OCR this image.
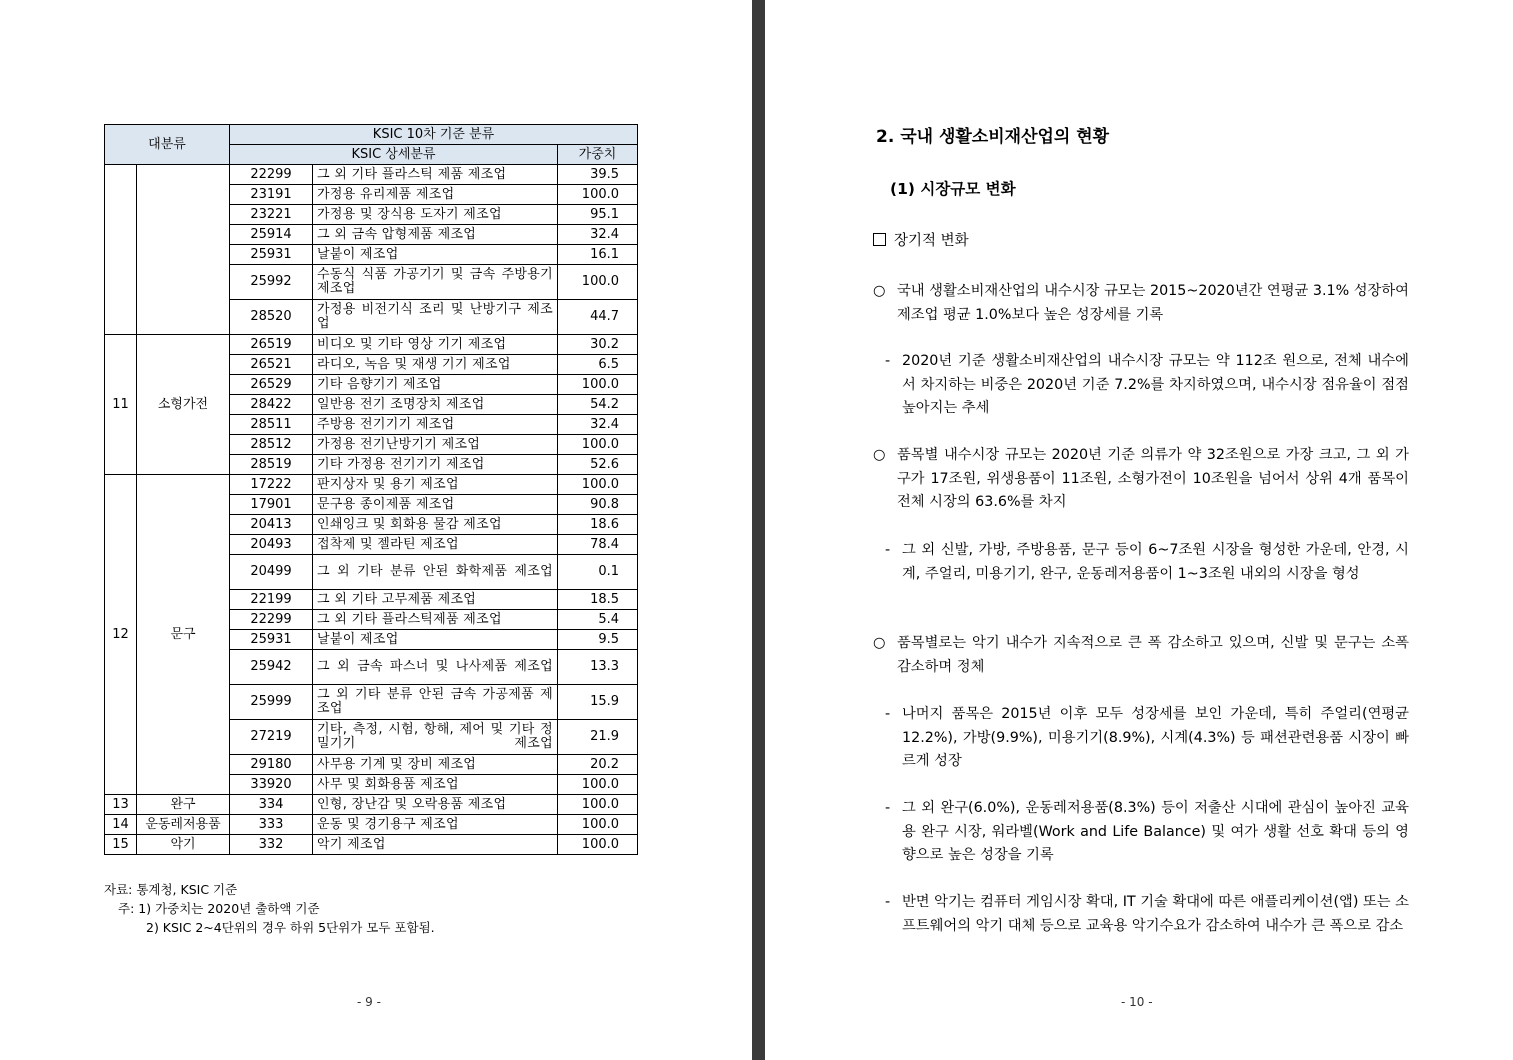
대분류		KSIC 10차 기준 분류		
		KSIC 상세분류		가중치
		22299	그 외 기타 플라스틱 제품 제조업	39.5
		23191	가정용 유리제품 제조업	100.0
		23221	가정용 및 장식용 도자기 제조업	95.1
		25914	그 외 금속 압형제품 제조업	32.4
		25931	날붙이 제조업	16.1
		25992	수동식 식품 가공기기 및 금속 주방용기 제조업	100.0
		28520	가정용 비전기식 조리 및 난방기구 제조업	44.7
11	소형가전	26519	비디오 및 기타 영상 기기 제조업	30.2
		26521	라디오, 녹음 및 재생 기기 제조업	6.5
		26529	기타 음향기기 제조업	100.0
		28422	일반용 전기 조명장치 제조업	54.2
		28511	주방용 전기기기 제조업	32.4
		28512	가정용 전기난방기기 제조업	100.0
		28519	기타 가정용 전기기기 제조업	52.6
12	문구	17222	판지상자 및 용기 제조업	100.0
		17901	문구용 종이제품 제조업	90.8
		20413	인쇄잉크 및 회화용 물감 제조업	18.6
		20493	접착제 및 젤라틴 제조업	78.4
		20499	그 외 기타 분류 안된 화학제품 제조업	0.1
		22199	그 외 기타 고무제품 제조업	18.5
		22299	그 외 기타 플라스틱제품 제조업	5.4
		25931	날붙이 제조업	9.5
		25942	그 외 금속 파스너 및 나사제품 제조업	13.3
		25999	그 외 기타 분류 안된 금속 가공제품 제조업	15.9
		27219	기타, 측정, 시험, 항해, 제어 및 기타 정밀기기 제조업	21.9
		29180	사무용 기계 및 장비 제조업	20.2
		33920	사무 및 회화용품 제조업	100.0
13	완구	334	인형, 장난감 및 오락용품 제조업	100.0
14	운동레저용품	333	운동 및 경기용구 제조업	100.0
15	악기	332	악기 제조업	100.0
자료: 통계청, KSIC 기준
주: 1) 가중치는 2020년 출하액 기준
2) KSIC 2~4단위의 경우 하위 5단위가 모두 포함됨.
- 9 -
2. 국내 생활소비재산업의 현황
(1) 시장규모 변화
장기적 변화
○ 국내 생활소비재산업의 내수시장 규모는 2015~2020년간 연평균 3.1% 성장하여 제조업 평균 1.0%보다 높은 성장세를 기록
- 2020년 기준 생활소비재산업의 내수시장 규모는 약 112조 원으로, 전체 내수에서 차지하는 비중은 2020년 기준 7.2%를 차지하였으며, 내수시장 점유율이 점점 높아지는 추세
○ 품목별 내수시장 규모는 2020년 기준 의류가 약 32조원으로 가장 크고, 그 외 가구가 17조원, 위생용품이 11조원, 소형가전이 10조원을 넘어서 상위 4개 품목이 전체 시장의 63.6%를 차지
- 그 외 신발, 가방, 주방용품, 문구 등이 6~7조원 시장을 형성한 가운데, 안경, 시계, 주얼리, 미용기기, 완구, 운동레저용품이 1~3조원 내외의 시장을 형성
○ 품목별로는 악기 내수가 지속적으로 큰 폭 감소하고 있으며, 신발 및 문구는 소폭 감소하며 정체
- 나머지 품목은 2015년 이후 모두 성장세를 보인 가운데, 특히 주얼리(연평균 12.2%), 가방(9.9%), 미용기기(8.9%), 시계(4.3%) 등 패션관련용품 시장이 빠르게 성장
- 그 외 완구(6.0%), 운동레저용품(8.3%) 등이 저출산 시대에 관심이 높아진 교육용 완구 시장, 워라벨(Work and Life Balance) 및 여가 생활 선호 확대 등의 영향으로 높은 성장을 기록
- 반면 악기는 컴퓨터 게임시장 확대, IT 기술 확대에 따른 애플리케이션(앱) 또는 소프트웨어의 악기 대체 등으로 교육용 악기수요가 감소하여 내수가 큰 폭으로 감소
- 10 -
